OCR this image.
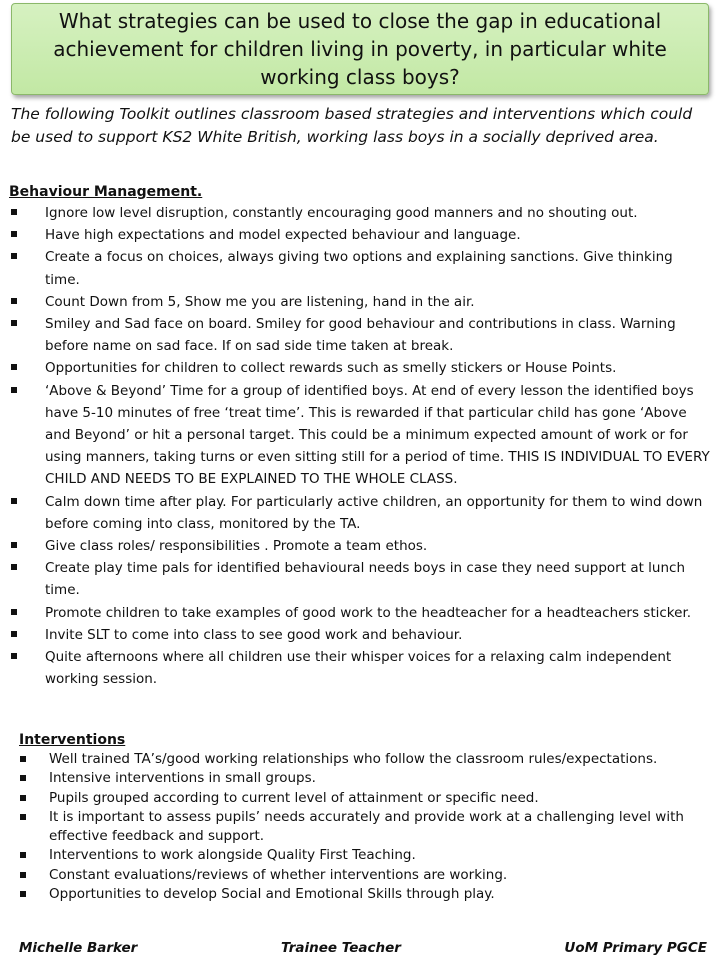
What strategies can be used to close the gap in educational achievement for children living in poverty, in particular white working class boys?
The following Toolkit outlines classroom based strategies and interventions which could be used to support KS2 White British, working lass boys in a socially deprived area.
Behaviour Management.
Ignore low level disruption, constantly encouraging good manners and no shouting out.
Have high expectations and model expected behaviour and language.
Create a focus on choices, always giving two options and explaining sanctions. Give thinking time.
Count Down from 5, Show me you are listening, hand in the air.
Smiley and Sad face on board. Smiley for good behaviour and contributions in class. Warning before name on sad face. If on sad side time taken at break.
Opportunities for children to collect rewards such as smelly stickers or House Points.
‘Above & Beyond’ Time for a group of identified boys. At end of every lesson the identified boys have 5-10 minutes of free ‘treat time’. This is rewarded if that particular child has gone ‘Above and Beyond’ or hit a personal target. This could be a minimum expected amount of work or for using manners, taking turns or even sitting still for a period of time. THIS IS INDIVIDUAL TO EVERY CHILD AND NEEDS TO BE EXPLAINED TO THE WHOLE CLASS.
Calm down time after play. For particularly active children, an opportunity for them to wind down before coming into class, monitored by the TA.
Give class roles/ responsibilities . Promote a team ethos.
Create play time pals for identified behavioural needs boys in case they need support at lunch time.
Promote children to take examples of good work to the headteacher for a headteachers sticker.
Invite SLT to come into class to see good work and behaviour.
Quite afternoons where all children use their whisper voices for a relaxing calm independent working session.
Interventions
Well trained TA’s/good working relationships who follow the classroom rules/expectations.
Intensive interventions in small groups.
Pupils grouped according to current level of attainment or specific need.
It is important to assess pupils’ needs accurately and provide work at a challenging level with effective feedback and support.
Interventions to work alongside Quality First Teaching.
Constant evaluations/reviews of whether interventions are working.
Opportunities to develop Social and Emotional Skills through play.
Michelle Barker	Trainee Teacher	UoM Primary PGCE
